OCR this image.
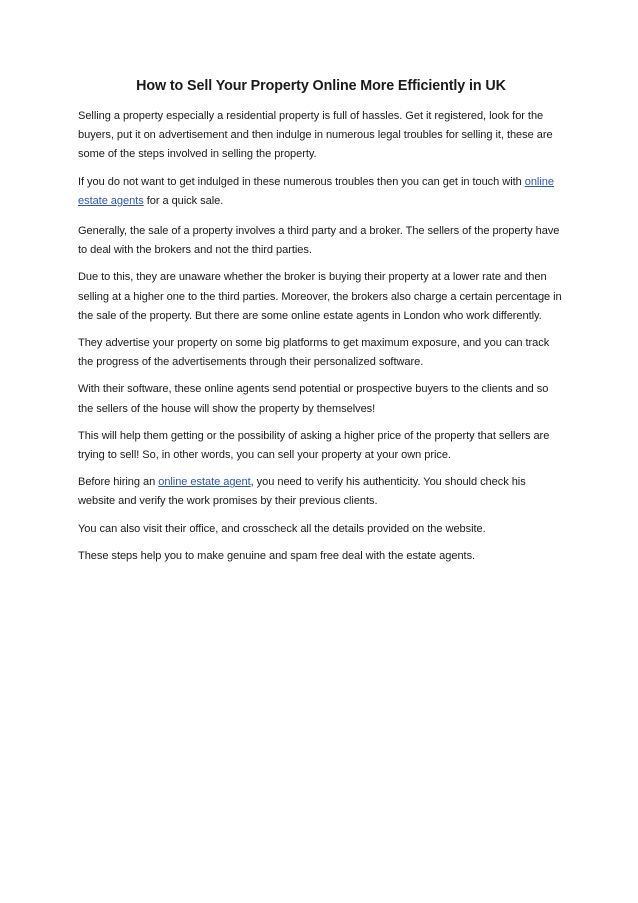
How to Sell Your Property Online More Efficiently in UK

Selling a property especially a residential property is full of hassles. Get it registered, look for the buyers, put it on advertisement and then indulge in numerous legal troubles for selling it, these are some of the steps involved in selling the property.

If you do not want to get indulged in these numerous troubles then you can get in touch with online estate agents for a quick sale.

Generally, the sale of a property involves a third party and a broker. The sellers of the property have to deal with the brokers and not the third parties.

Due to this, they are unaware whether the broker is buying their property at a lower rate and then selling at a higher one to the third parties. Moreover, the brokers also charge a certain percentage in the sale of the property. But there are some online estate agents in London who work differently.

They advertise your property on some big platforms to get maximum exposure, and you can track the progress of the advertisements through their personalized software.

With their software, these online agents send potential or prospective buyers to the clients and so the sellers of the house will show the property by themselves!

This will help them getting or the possibility of asking a higher price of the property that sellers are trying to sell! So, in other words, you can sell your property at your own price.

Before hiring an online estate agent, you need to verify his authenticity. You should check his website and verify the work promises by their previous clients.

You can also visit their office, and crosscheck all the details provided on the website.

These steps help you to make genuine and spam free deal with the estate agents.
